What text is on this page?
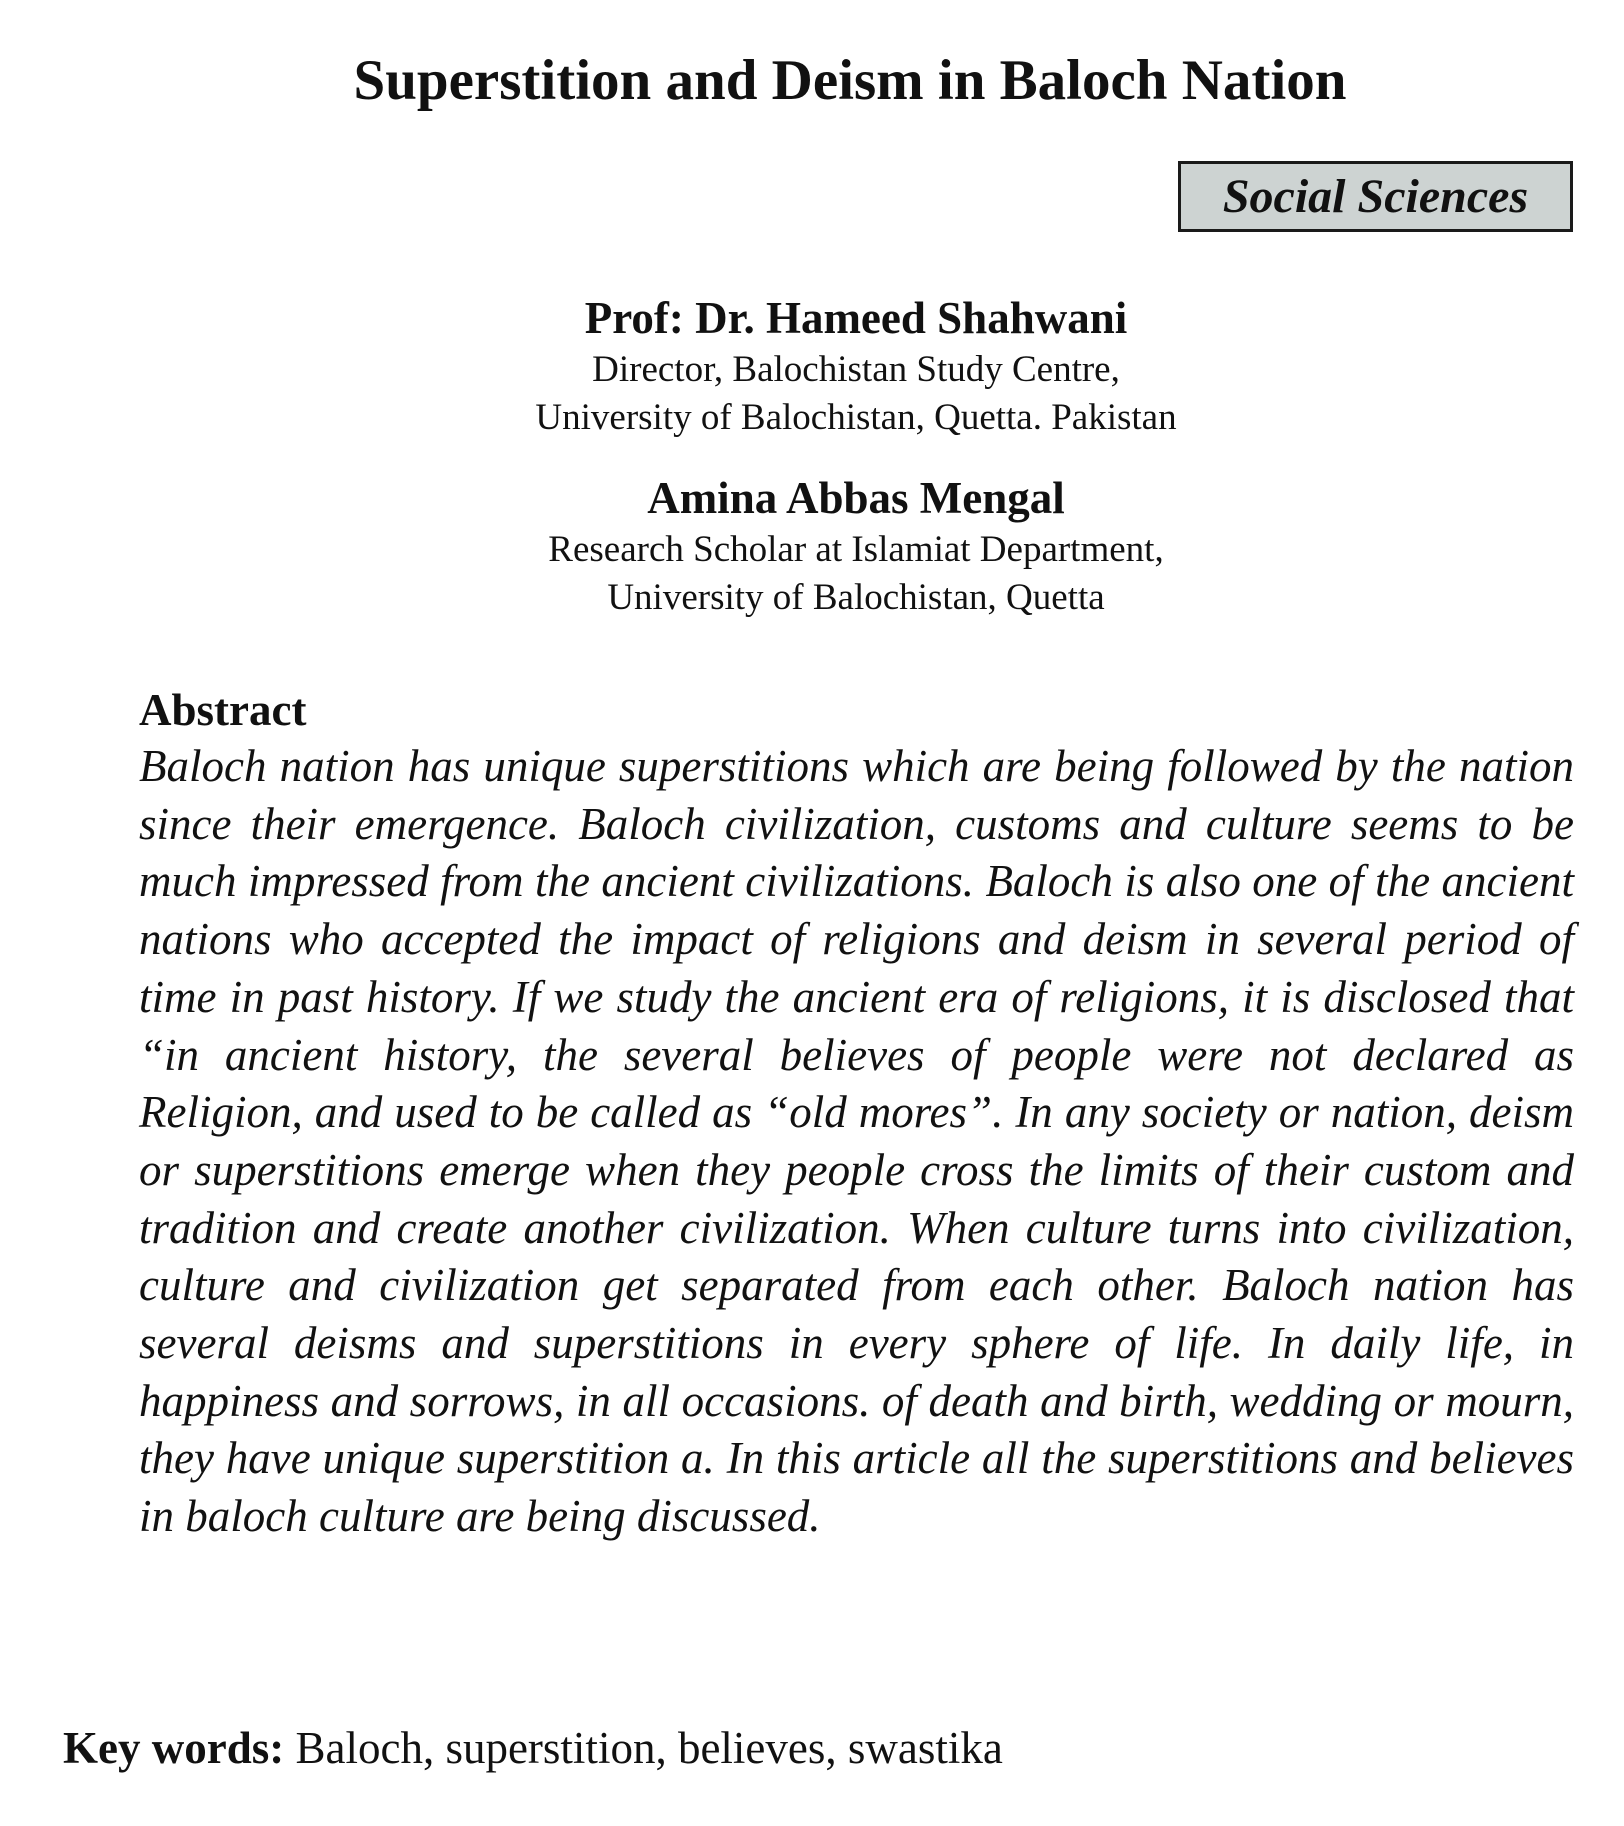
Superstition and Deism in Baloch Nation
Social Sciences
Prof: Dr. Hameed Shahwani
Director, Balochistan Study Centre,
University of Balochistan, Quetta. Pakistan
Amina Abbas Mengal
Research Scholar at Islamiat Department,
University of Balochistan, Quetta
Abstract

Baloch nation has unique superstitions which are being followed by the nation since their emergence. Baloch civilization, customs and culture seems to be much impressed from the ancient civilizations. Baloch is also one of the ancient nations who accepted the impact of religions and deism in several period of time in past history. If we study the ancient era of religions, it is disclosed that “in ancient history, the several believes of people were not declared as Religion, and used to be called as “old mores”. In any society or nation, deism or superstitions emerge when they people cross the limits of their custom and tradition and create another civilization. When culture turns into civilization, culture and civilization get separated from each other. Baloch nation has several deisms and superstitions in every sphere of life. In daily life, in happiness and sorrows, in all occasions. of death and birth, wedding or mourn, they have unique superstition a. In this article all the superstitions and believes in baloch culture are being discussed.

Key words: Baloch, superstition, believes, swastika
